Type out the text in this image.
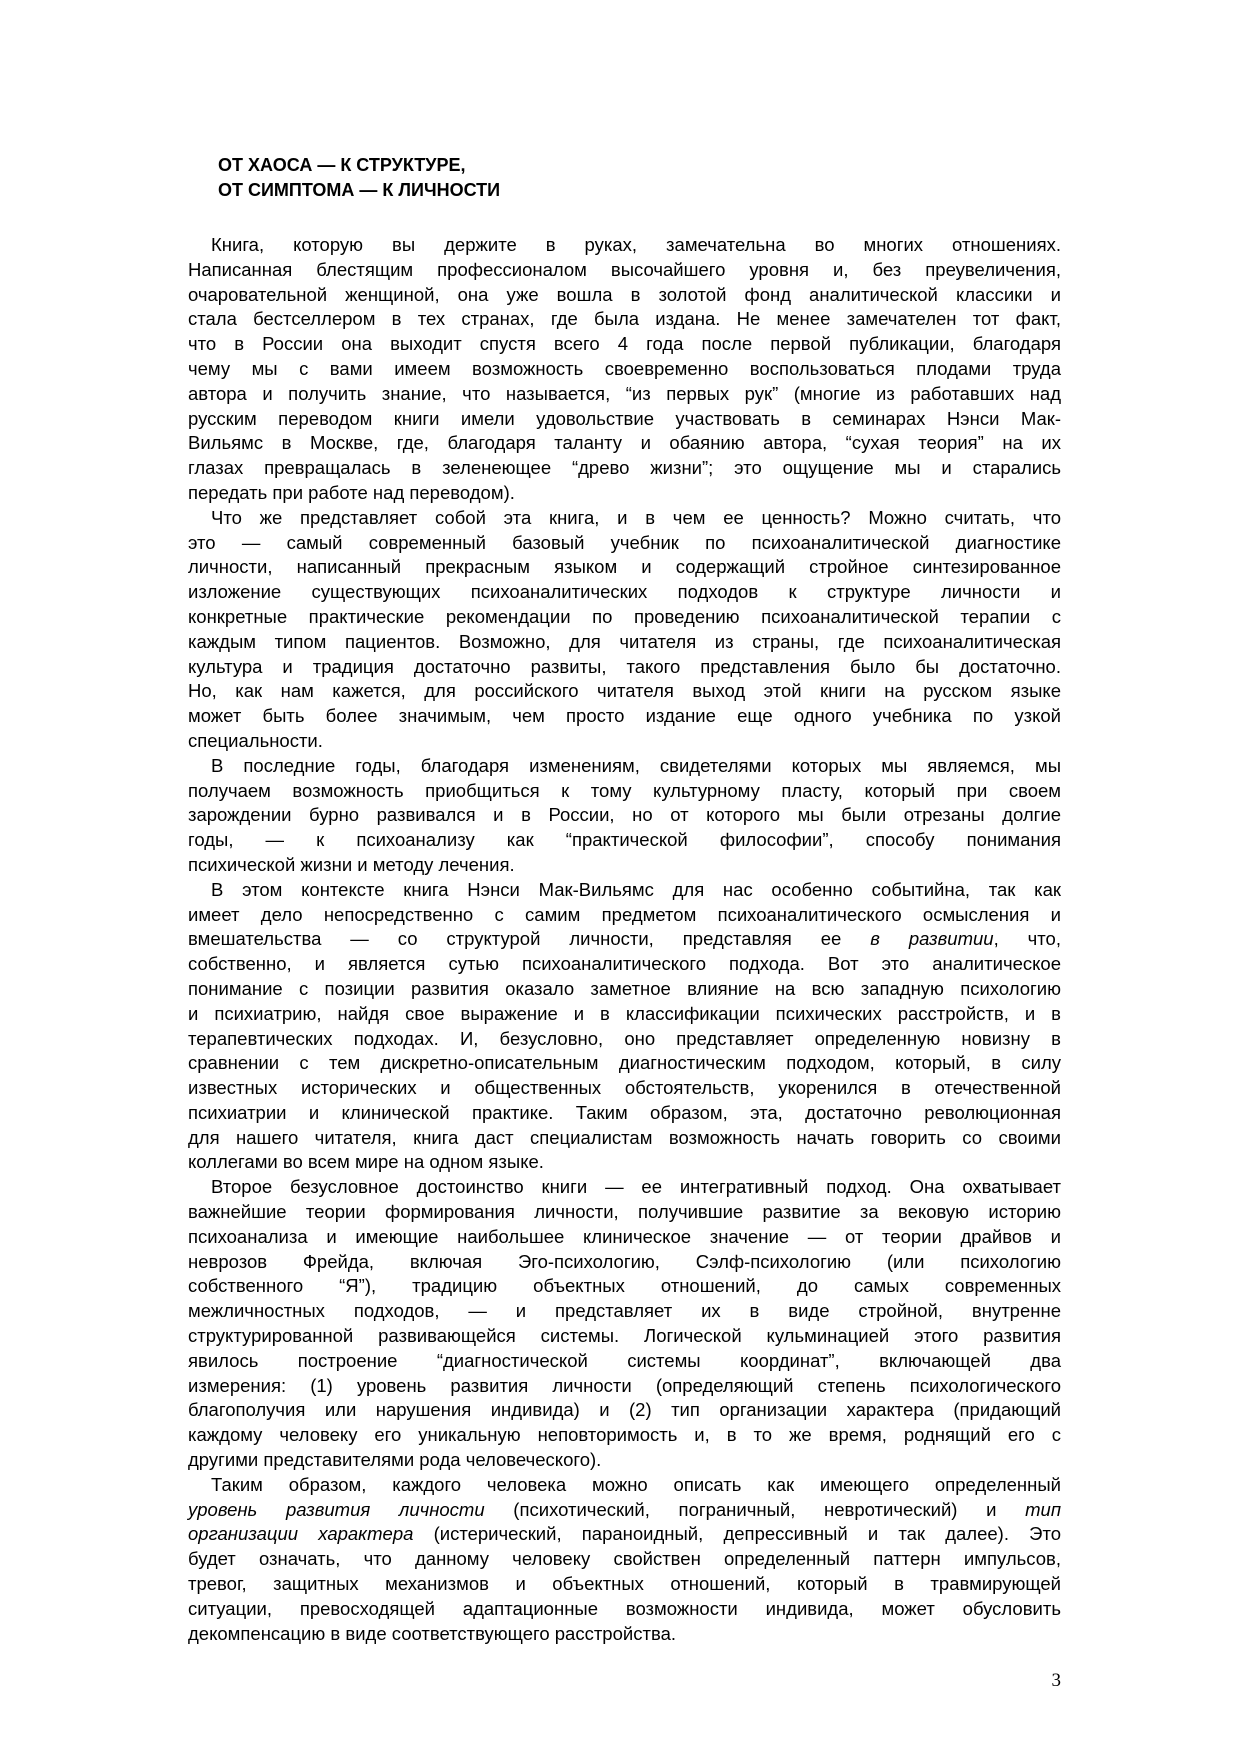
ОТ ХАОСА — К СТРУКТУРЕ,
ОТ СИМПТОМА — К ЛИЧНОСТИ
Книга, которую вы держите в руках, замечательна во многих отношениях.
Написанная блестящим профессионалом высочайшего уровня и, без преувеличения,
очаровательной женщиной, она уже вошла в золотой фонд аналитической классики и
стала бестселлером в тех странах, где была издана. Не менее замечателен тот факт,
что в России она выходит спустя всего 4 года после первой публикации, благодаря
чему мы с вами имеем возможность своевременно воспользоваться плодами труда
автора и получить знание, что называется, “из первых рук” (многие из работавших над
русским переводом книги имели удовольствие участвовать в семинарах Нэнси Мак-
Вильямс в Москве, где, благодаря таланту и обаянию автора, “сухая теория” на их
глазах превращалась в зеленеющее “древо жизни”; это ощущение мы и старались
передать при работе над переводом).
Что же представляет собой эта книга, и в чем ее ценность? Можно считать, что
это — самый современный базовый учебник по психоаналитической диагностике
личности, написанный прекрасным языком и содержащий стройное синтезированное
изложение существующих психоаналитических подходов к структуре личности и
конкретные практические рекомендации по проведению психоаналитической терапии с
каждым типом пациентов. Возможно, для читателя из страны, где психоаналитическая
культура и традиция достаточно развиты, такого представления было бы достаточно.
Но, как нам кажется, для российского читателя выход этой книги на русском языке
может быть более значимым, чем просто издание еще одного учебника по узкой
специальности.
В последние годы, благодаря изменениям, свидетелями которых мы являемся, мы
получаем возможность приобщиться к тому культурному пласту, который при своем
зарождении бурно развивался и в России, но от которого мы были отрезаны долгие
годы, — к психоанализу как “практической философии”, способу понимания
психической жизни и методу лечения.
В этом контексте книга Нэнси Мак-Вильямс для нас особенно событийна, так как
имеет дело непосредственно с самим предметом психоаналитического осмысления и
вмешательства — со структурой личности, представляя ее в развитии, что,
собственно, и является сутью психоаналитического подхода. Вот это аналитическое
понимание с позиции развития оказало заметное влияние на всю западную психологию
и психиатрию, найдя свое выражение и в классификации психических расстройств, и в
терапевтических подходах. И, безусловно, оно представляет определенную новизну в
сравнении с тем дискретно-описательным диагностическим подходом, который, в силу
известных исторических и общественных обстоятельств, укоренился в отечественной
психиатрии и клинической практике. Таким образом, эта, достаточно революционная
для нашего читателя, книга даст специалистам возможность начать говорить со своими
коллегами во всем мире на одном языке.
Второе безусловное достоинство книги — ее интегративный подход. Она охватывает
важнейшие теории формирования личности, получившие развитие за вековую историю
психоанализа и имеющие наибольшее клиническое значение — от теории драйвов и
неврозов Фрейда, включая Эго-психологию, Сэлф-психологию (или психологию
собственного “Я”), традицию объектных отношений, до самых современных
межличностных подходов, — и представляет их в виде стройной, внутренне
структурированной развивающейся системы. Логической кульминацией этого развития
явилось построение “диагностической системы координат”, включающей два
измерения: (1) уровень развития личности (определяющий степень психологического
благополучия или нарушения индивида) и (2) тип организации характера (придающий
каждому человеку его уникальную неповторимость и, в то же время, роднящий его с
другими представителями рода человеческого).
Таким образом, каждого человека можно описать как имеющего определенный
уровень развития личности (психотический, пограничный, невротический) и тип
организации характера (истерический, параноидный, депрессивный и так далее). Это
будет означать, что данному человеку свойствен определенный паттерн импульсов,
тревог, защитных механизмов и объектных отношений, который в травмирующей
ситуации, превосходящей адаптационные возможности индивида, может обусловить
декомпенсацию в виде соответствующего расстройства.
3
